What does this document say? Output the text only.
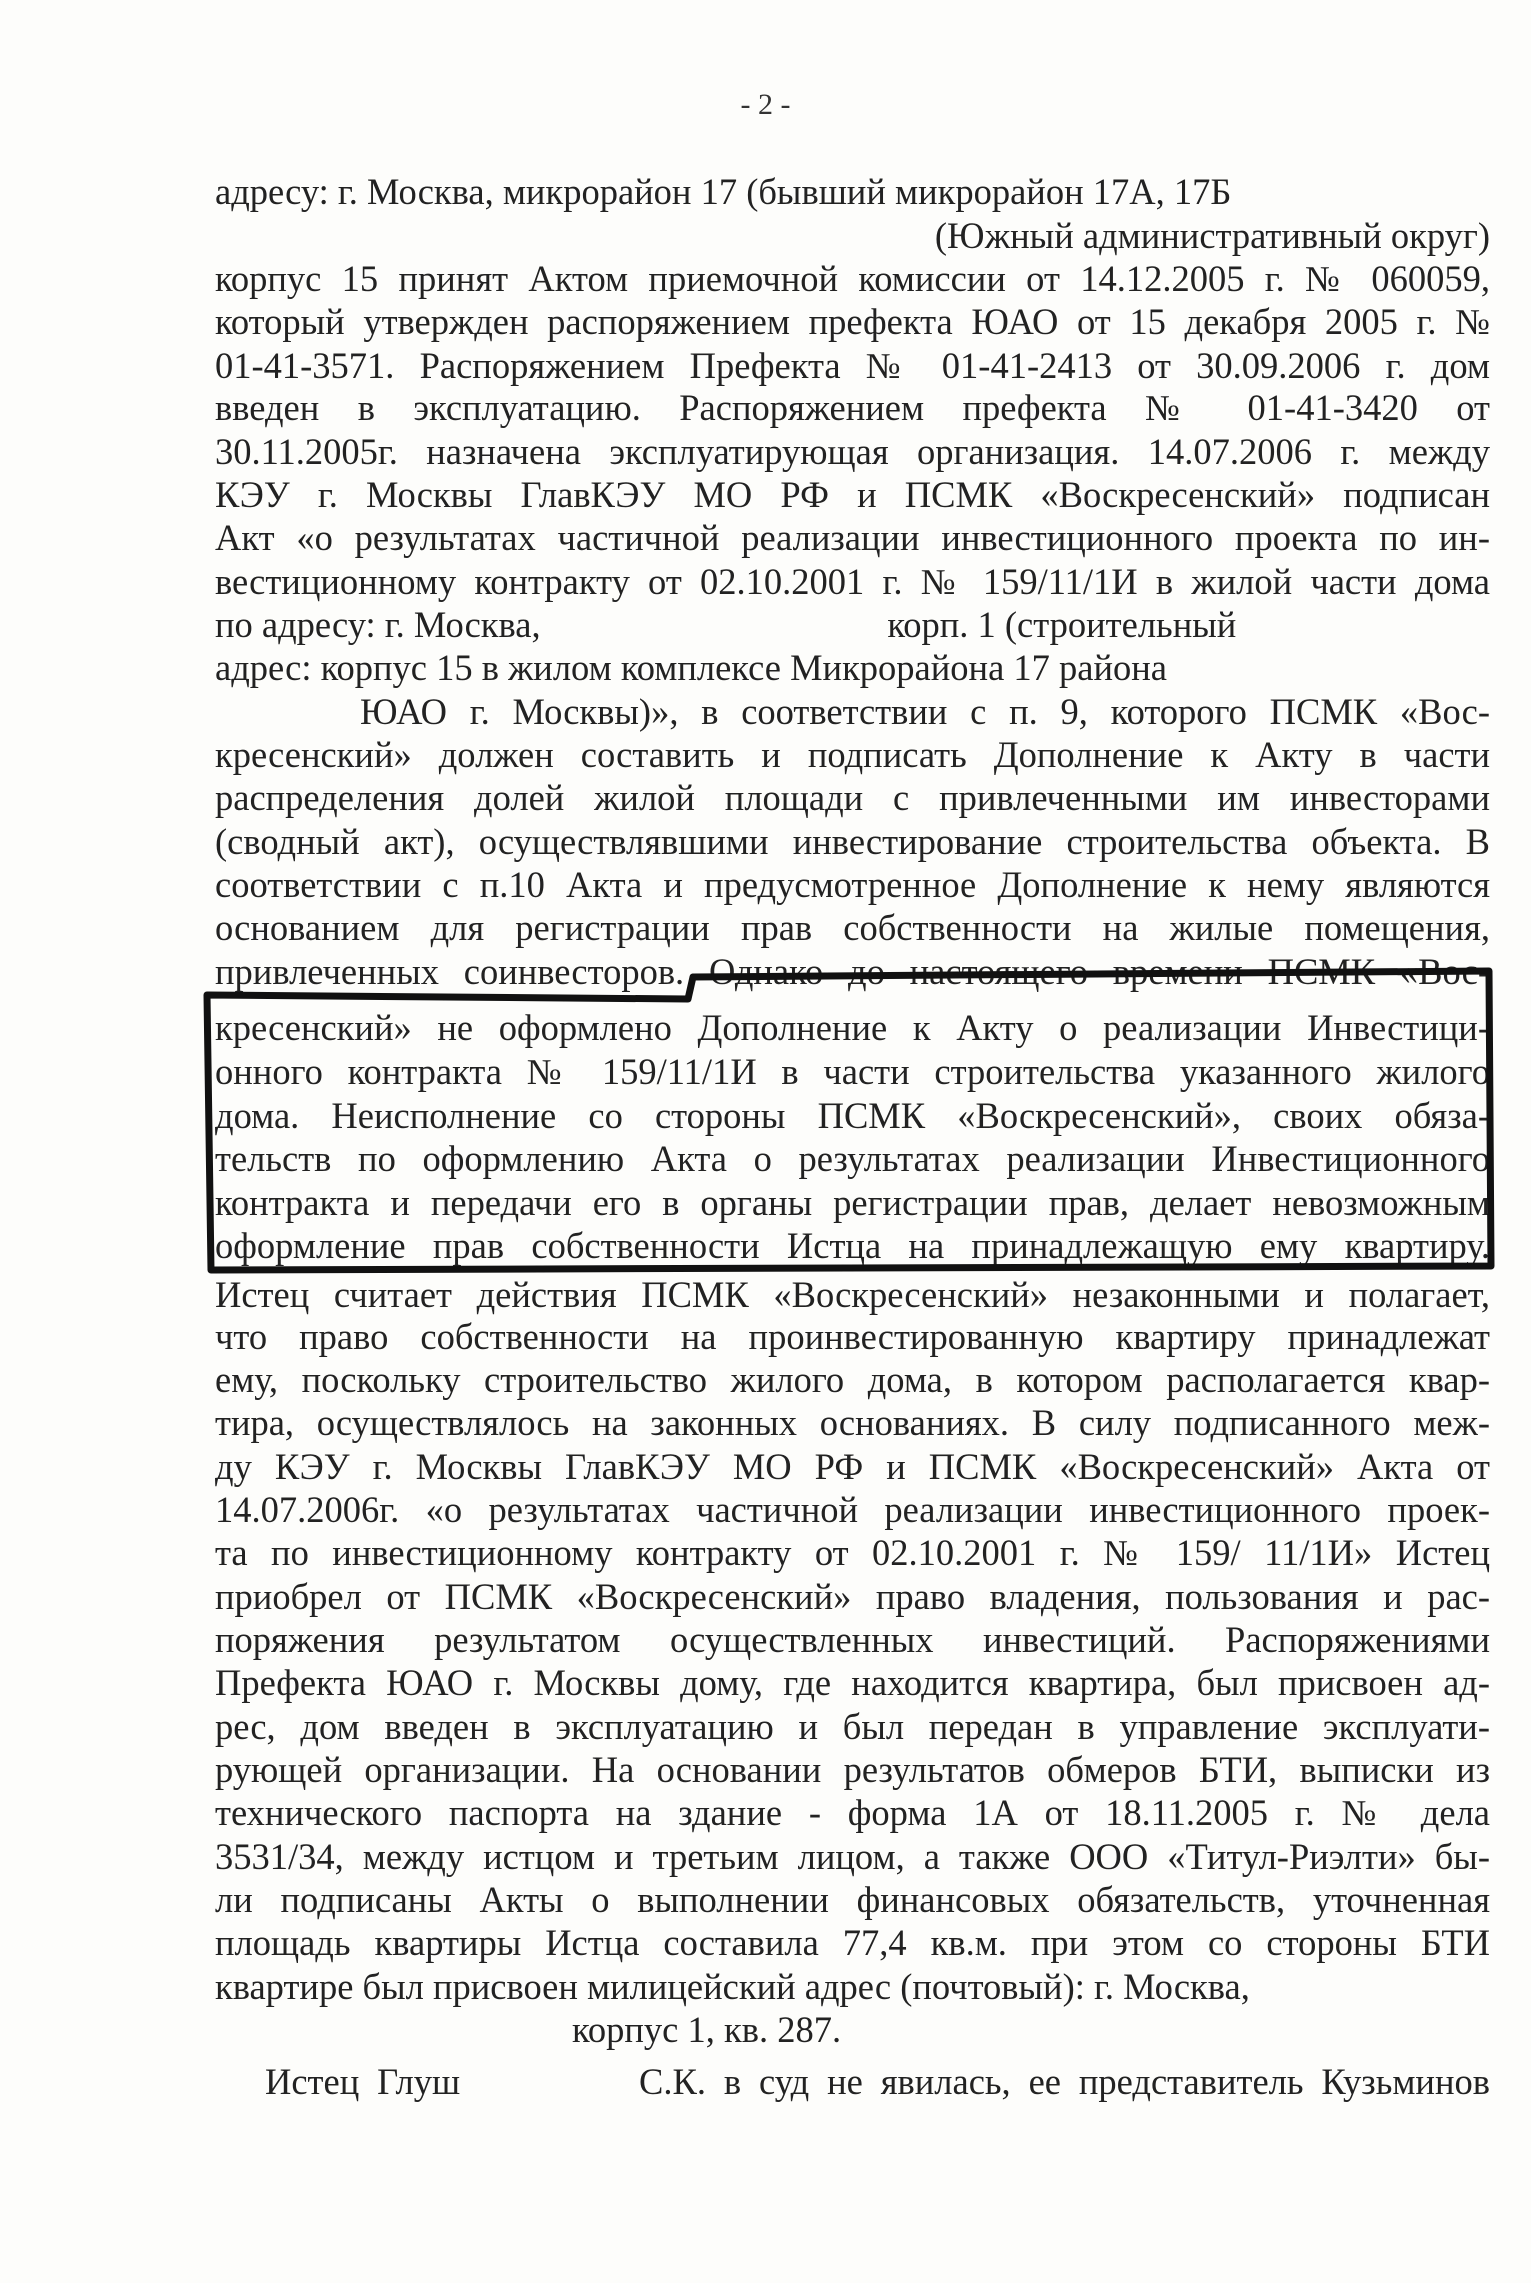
- 2 -
адресу: г. Москва, микрорайон 17 (бывший микрорайон 17А, 17Б
(Южный административный округ)
корпус 15 принят Актом приемочной комиссии от 14.12.2005 г. № 060059,
который утвержден распоряжением префекта ЮАО от 15 декабря 2005 г. №
01-41-3571. Распоряжением Префекта № 01-41-2413 от 30.09.2006 г. дом
введен в эксплуатацию. Распоряжением префекта № 01-41-3420 от
30.11.2005г. назначена эксплуатирующая организация. 14.07.2006 г. между
КЭУ г. Москвы ГлавКЭУ МО РФ и ПСМК «Воскресенский» подписан
Акт «о результатах частичной реализации инвестиционного проекта по ин-
вестиционному контракту от 02.10.2001 г. № 159/11/1И в жилой части дома
по адресу: г. Москва,                                      корп. 1 (строительный
адрес: корпус 15 в жилом комплексе Микрорайона 17 района
ЮАО г. Москвы)», в соответствии с п. 9, которого ПСМК «Вос-
кресенский» должен составить и подписать Дополнение к Акту в части
распределения долей жилой площади с привлеченными им инвесторами
(сводный акт), осуществлявшими инвестирование строительства объекта. В
соответствии с п.10 Акта и предусмотренное Дополнение к нему являются
основанием для регистрации прав собственности на жилые помещения,
привлеченных соинвесторов. Однако до настоящего времени ПСМК «Вос-
кресенский» не оформлено Дополнение к Акту о реализации Инвестици-
онного контракта № 159/11/1И в части строительства указанного жилого
дома. Неисполнение со стороны ПСМК «Воскресенский», своих обяза-
тельств по оформлению Акта о результатах реализации Инвестиционного
контракта и передачи его в органы регистрации прав, делает невозможным
оформление прав собственности Истца на принадлежащую ему квартиру.
Истец считает действия ПСМК «Воскресенский» незаконными и полагает,
что право собственности на проинвестированную квартиру принадлежат
ему, поскольку строительство жилого дома, в котором располагается квар-
тира, осуществлялось на законных основаниях. В силу подписанного меж-
ду КЭУ г. Москвы ГлавКЭУ МО РФ и ПСМК «Воскресенский» Акта от
14.07.2006г. «о результатах частичной реализации инвестиционного проек-
та по инвестиционному контракту от 02.10.2001 г. № 159/ 11/1И» Истец
приобрел от ПСМК «Воскресенский» право владения, пользования и рас-
поряжения результатом осуществленных инвестиций. Распоряжениями
Префекта ЮАО г. Москвы дому, где находится квартира, был присвоен ад-
рес, дом введен в эксплуатацию и был передан в управление эксплуати-
рующей организации. На основании результатов обмеров БТИ, выписки из
технического паспорта на здание - форма 1А от 18.11.2005 г. № дела
3531/34, между истцом и третьим лицом, а также ООО «Титул-Риэлти» бы-
ли подписаны Акты о выполнении финансовых обязательств, уточненная
площадь квартиры Истца составила 77,4 кв.м. при этом со стороны БТИ
квартире был присвоен милицейский адрес (почтовый): г. Москва,
корпус 1, кв. 287.
Истец Глуш          С.К. в суд не явилась, ее представитель Кузьминов
